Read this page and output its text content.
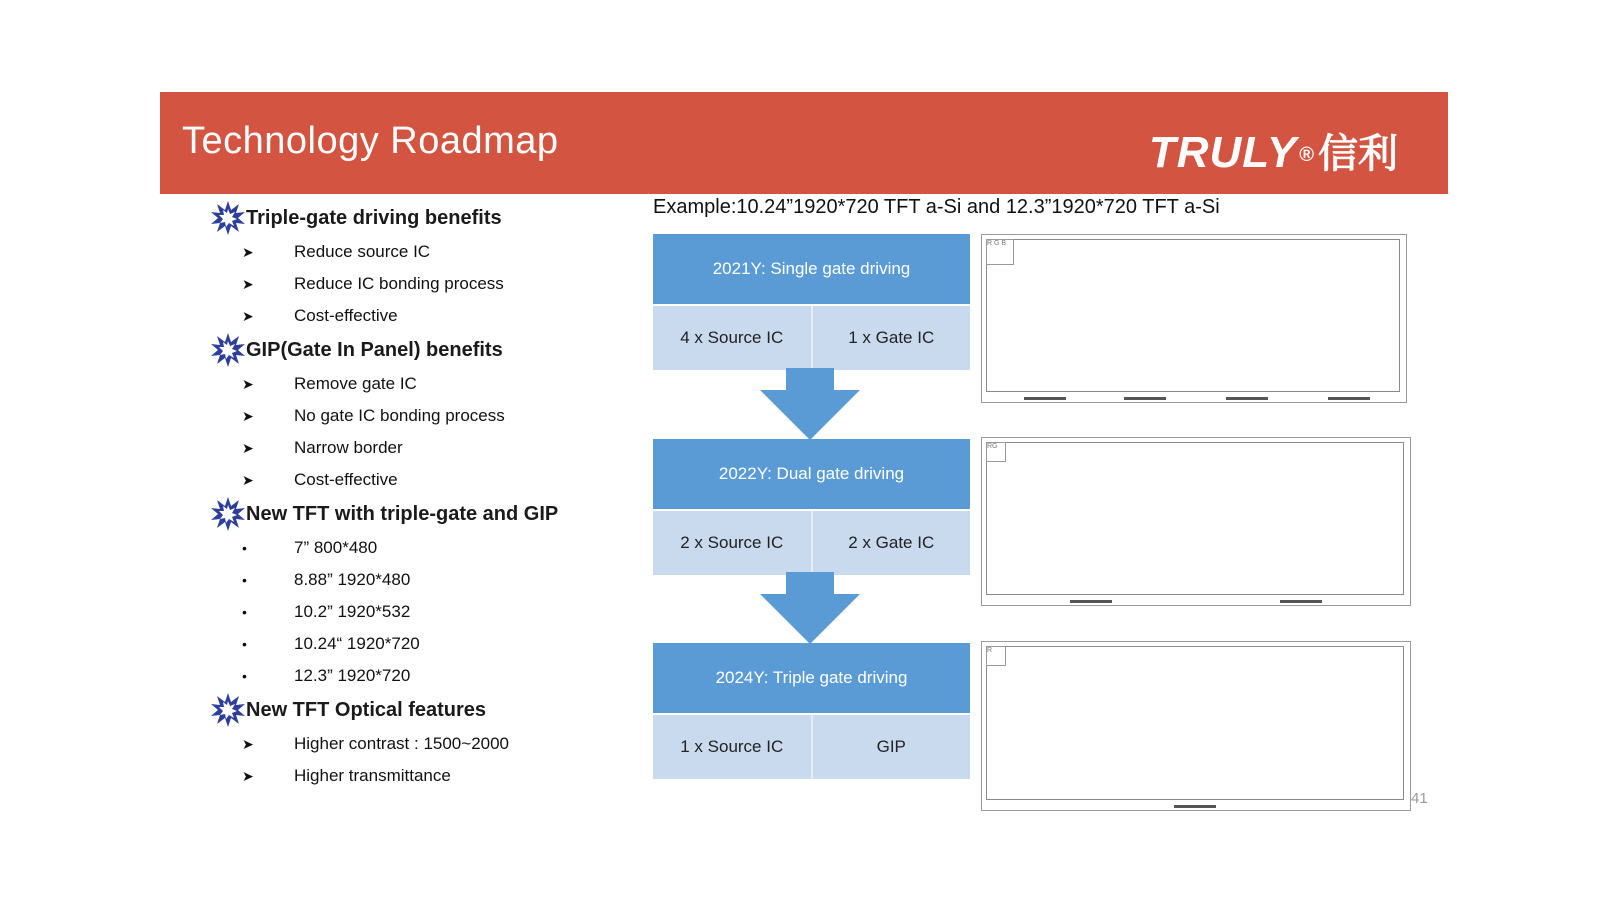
Technology Roadmap	TRULY ® 信利
Triple-gate driving benefits
➤ Reduce source IC
➤ Reduce IC bonding process
➤ Cost-effective
GIP(Gate In Panel) benefits
➤ Remove gate IC
➤ No gate IC bonding process
➤ Narrow border
➤ Cost-effective
New TFT with triple-gate and GIP
•	7” 800*480
•	8.88” 1920*480
•	10.2” 1920*532
•	10.24“ 1920*720
•	12.3” 1920*720
New TFT Optical features
➤ Higher contrast : 1500~2000
➤ Higher transmittance
Example:10.24”1920*720 TFT a-Si and 12.3”1920*720 TFT a-Si
2021Y: Single gate driving
4 x Source IC	1 x Gate IC
2022Y: Dual gate driving
2 x Source IC	2 x Gate IC
2024Y: Triple gate driving
1 x Source IC	GIP
R G B
RG
R
41
